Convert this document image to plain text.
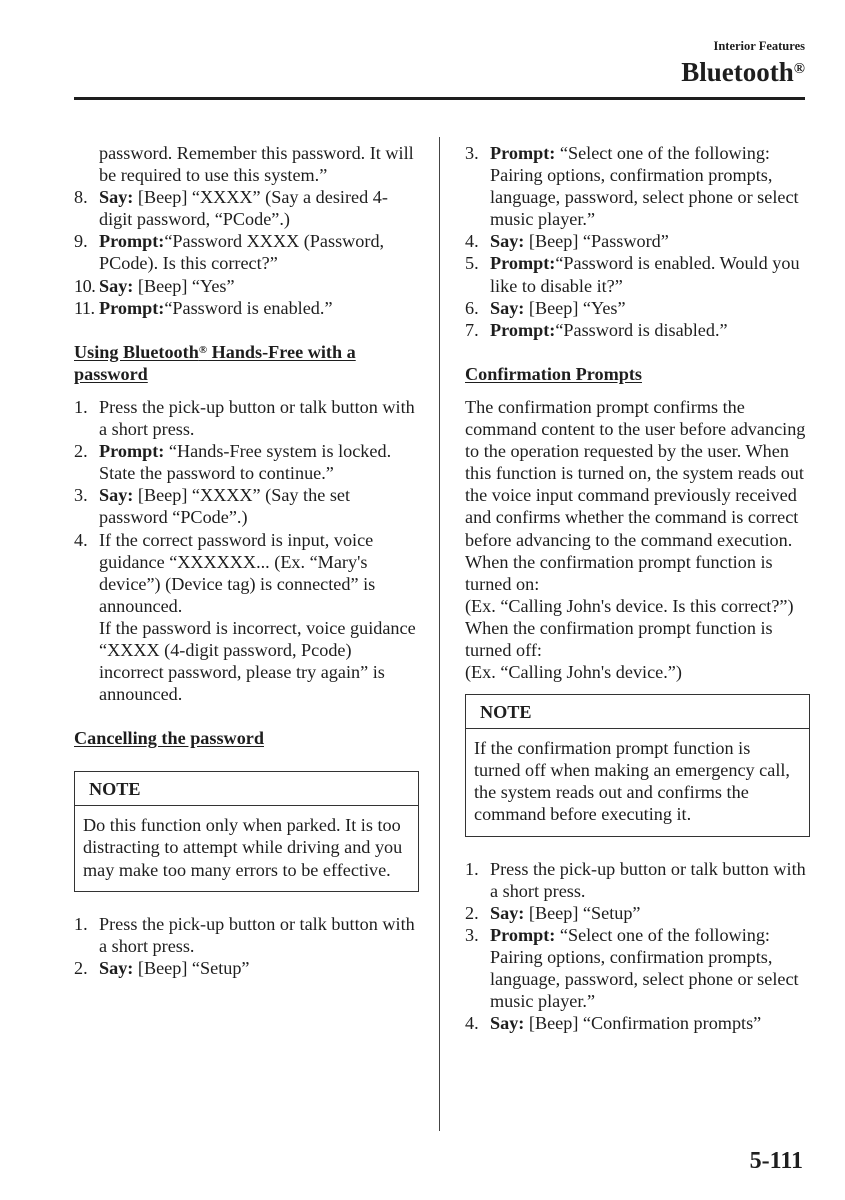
Interior Features
Bluetooth®

password. Remember this password. It will be required to use this system.”

8. Say: [Beep] “XXXX” (Say a desired 4-digit password, “PCode”.)
9. Prompt:“Password XXXX (Password, PCode). Is this correct?”
10. Say: [Beep] “Yes”
11. Prompt:“Password is enabled.”
Using Bluetooth® Hands-Free with a password
1. Press the pick-up button or talk button with a short press.
2. Prompt: “Hands-Free system is locked. State the password to continue.”
3. Say: [Beep] “XXXX” (Say the set password “PCode”.)
4. If the correct password is input, voice guidance “XXXXXX... (Ex. “Mary's device”) (Device tag) is connected” is announced.
If the password is incorrect, voice guidance “XXXX (4-digit password, Pcode) incorrect password, please try again” is announced.
Cancelling the password
NOTE
Do this function only when parked. It is too distracting to attempt while driving and you may make too many errors to be effective.
1. Press the pick-up button or talk button with a short press.
2. Say: [Beep] “Setup”
3. Prompt: “Select one of the following: Pairing options, confirmation prompts, language, password, select phone or select music player.”
4. Say: [Beep] “Password”
5. Prompt:“Password is enabled. Would you like to disable it?”
6. Say: [Beep] “Yes”
7. Prompt:“Password is disabled.”
Confirmation Prompts

The confirmation prompt confirms the command content to the user before advancing to the operation requested by the user. When this function is turned on, the system reads out the voice input command previously received and confirms whether the command is correct before advancing to the command execution.

When the confirmation prompt function is turned on:

(Ex. “Calling John's device. Is this correct?”)

When the confirmation prompt function is turned off:

(Ex. “Calling John's device.”)

NOTE
If the confirmation prompt function is turned off when making an emergency call, the system reads out and confirms the command before executing it.
1. Press the pick-up button or talk button with a short press.
2. Say: [Beep] “Setup”
3. Prompt: “Select one of the following: Pairing options, confirmation prompts, language, password, select phone or select music player.”
4. Say: [Beep] “Confirmation prompts”
5-111
